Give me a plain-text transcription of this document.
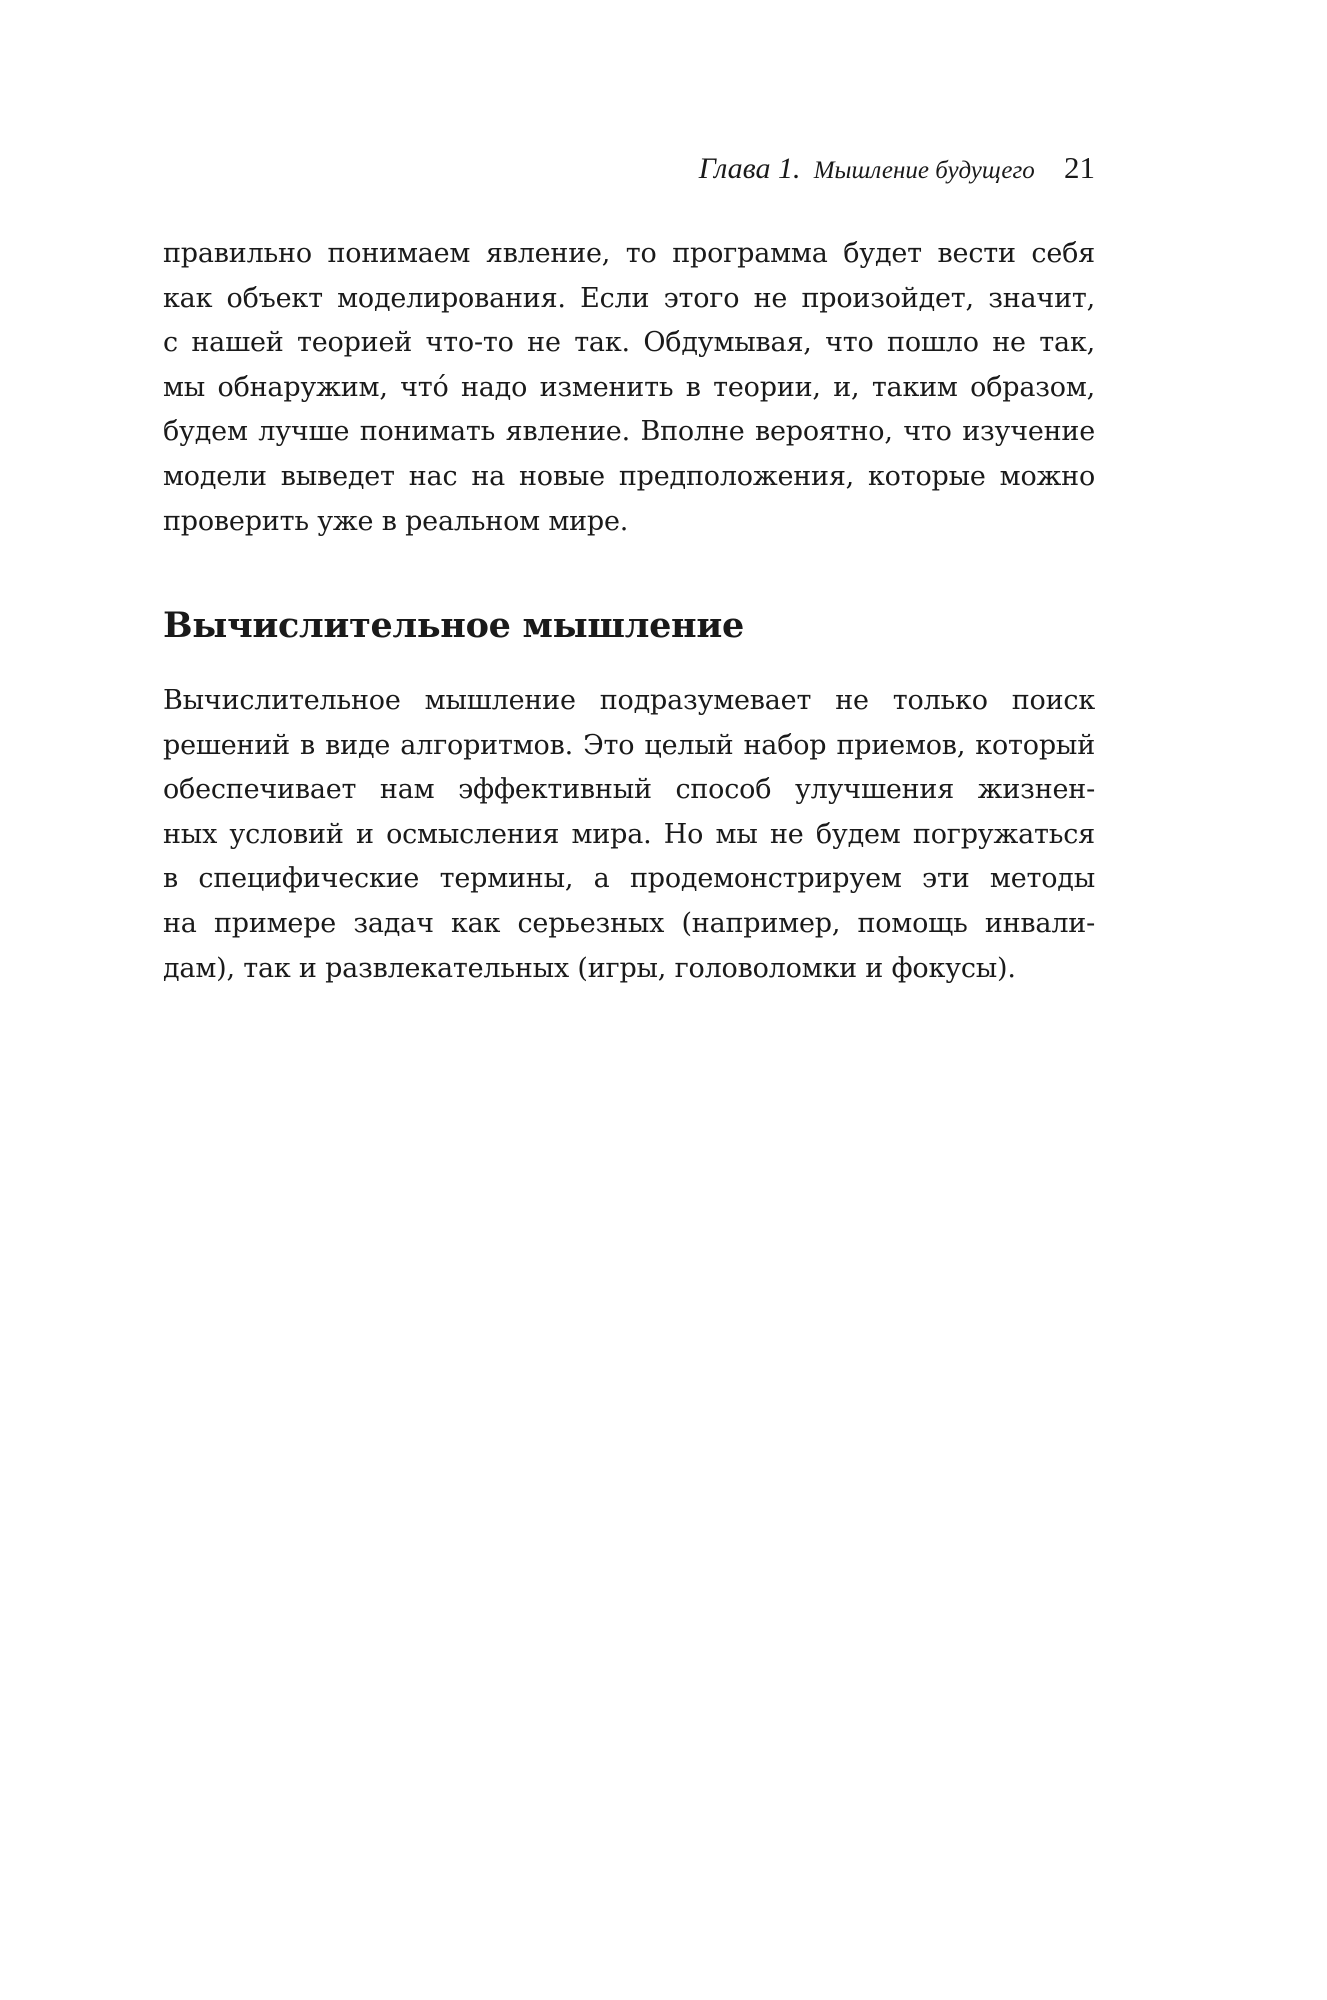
Глава 1. Мышление будущего 21
правильно понимаем явление, то программа будет вести себя
как объект моделирования. Если этого не произойдет, значит,
с нашей теорией что-то не так. Обдумывая, что пошло не так,
мы обнаружим, что́ надо изменить в теории, и, таким образом,
будем лучше понимать явление. Вполне вероятно, что изучение
модели выведет нас на новые предположения, которые можно
проверить уже в реальном мире.
Вычислительное мышление
Вычислительное мышление подразумевает не только поиск
решений в виде алгоритмов. Это целый набор приемов, который
обеспечивает нам эффективный способ улучшения жизнен-
ных условий и осмысления мира. Но мы не будем погружаться
в специфические термины, а продемонстрируем эти методы
на примере задач как серьезных (например, помощь инвали-
дам), так и развлекательных (игры, головоломки и фокусы).
